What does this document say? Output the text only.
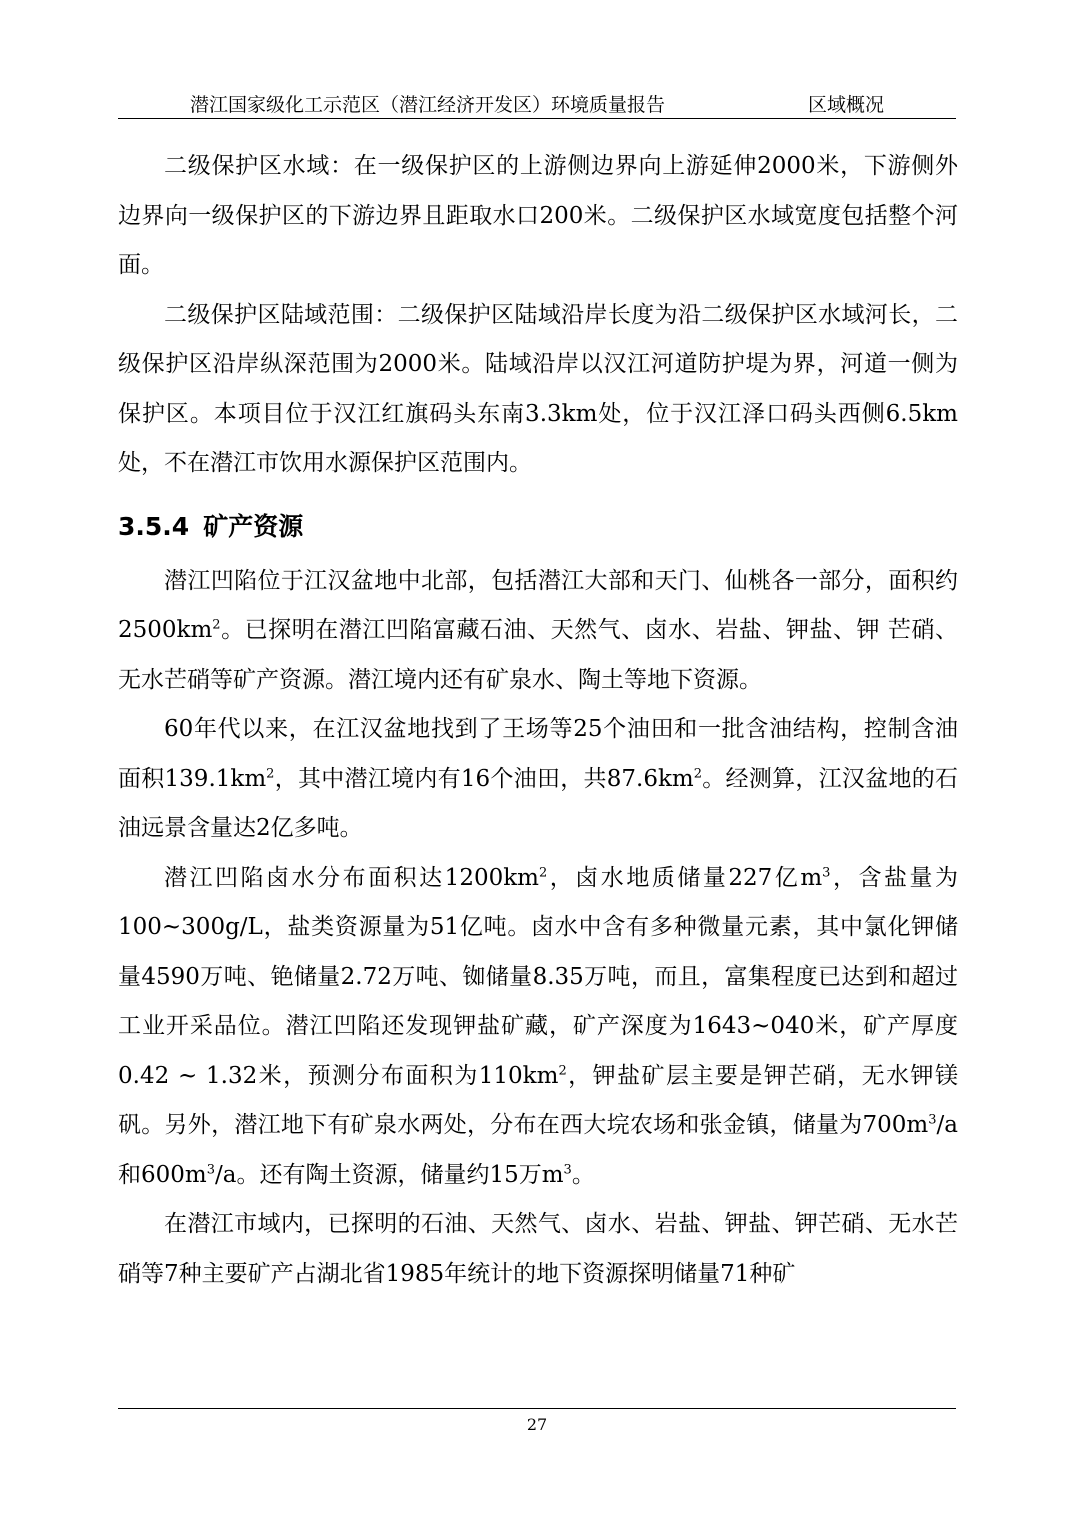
潜江国家级化工示范区（潜江经济开发区）环境质量报告	区域概况

二级保护区水域：在一级保护区的上游侧边界向上游延伸2000米，下游侧外边界向一级保护区的下游边界且距取水口200米。二级保护区水域宽度包括整个河面。

二级保护区陆域范围：二级保护区陆域沿岸长度为沿二级保护区水域河长，二级保护区沿岸纵深范围为2000米。陆域沿岸以汉江河道防护堤为界，河道一侧为保护区。本项目位于汉江红旗码头东南3.3km处，位于汉江泽口码头西侧6.5km处，不在潜江市饮用水源保护区范围内。

3.5.4 矿产资源

潜江凹陷位于江汉盆地中北部，包括潜江大部和天门、仙桃各一部分，面积约$2500km^2$。已探明在潜江凹陷富藏石油、天然气、卤水、岩盐、钾盐、钾 芒硝、无水芒硝等矿产资源。潜江境内还有矿泉水、陶土等地下资源。

60年代以来，在江汉盆地找到了王场等25个油田和一批含油结构，控制含油面积$139.1km^2$，其中潜江境内有16个油田，共$87.6km^2$。经测算，江汉盆地的石油远景含量达2亿多吨。

潜江凹陷卤水分布面积达$1200km^2$，卤水地质储量227亿$m^3$，含盐量为100~300g/L，盐类资源量为51亿吨。卤水中含有多种微量元素，其中氯化钾储量4590万吨、铯储量2.72万吨、铷储量8.35万吨，而且，富集程度已达到和超过工业开采品位。潜江凹陷还发现钾盐矿藏，矿产深度为1643~040米，矿产厚度0.42 ~ 1.32米，预测分布面积为$110km^2$，钾盐矿层主要是钾芒硝，无水钾镁矾。另外，潜江地下有矿泉水两处，分布在西大垸农场和张金镇，储量为$700m^3/a$和$600m^3/a$。还有陶土资源，储量约15万$m^3$。

在潜江市域内，已探明的石油、天然气、卤水、岩盐、钾盐、钾芒硝、无水芒硝等7种主要矿产占湖北省1985年统计的地下资源探明储量71种矿

27
